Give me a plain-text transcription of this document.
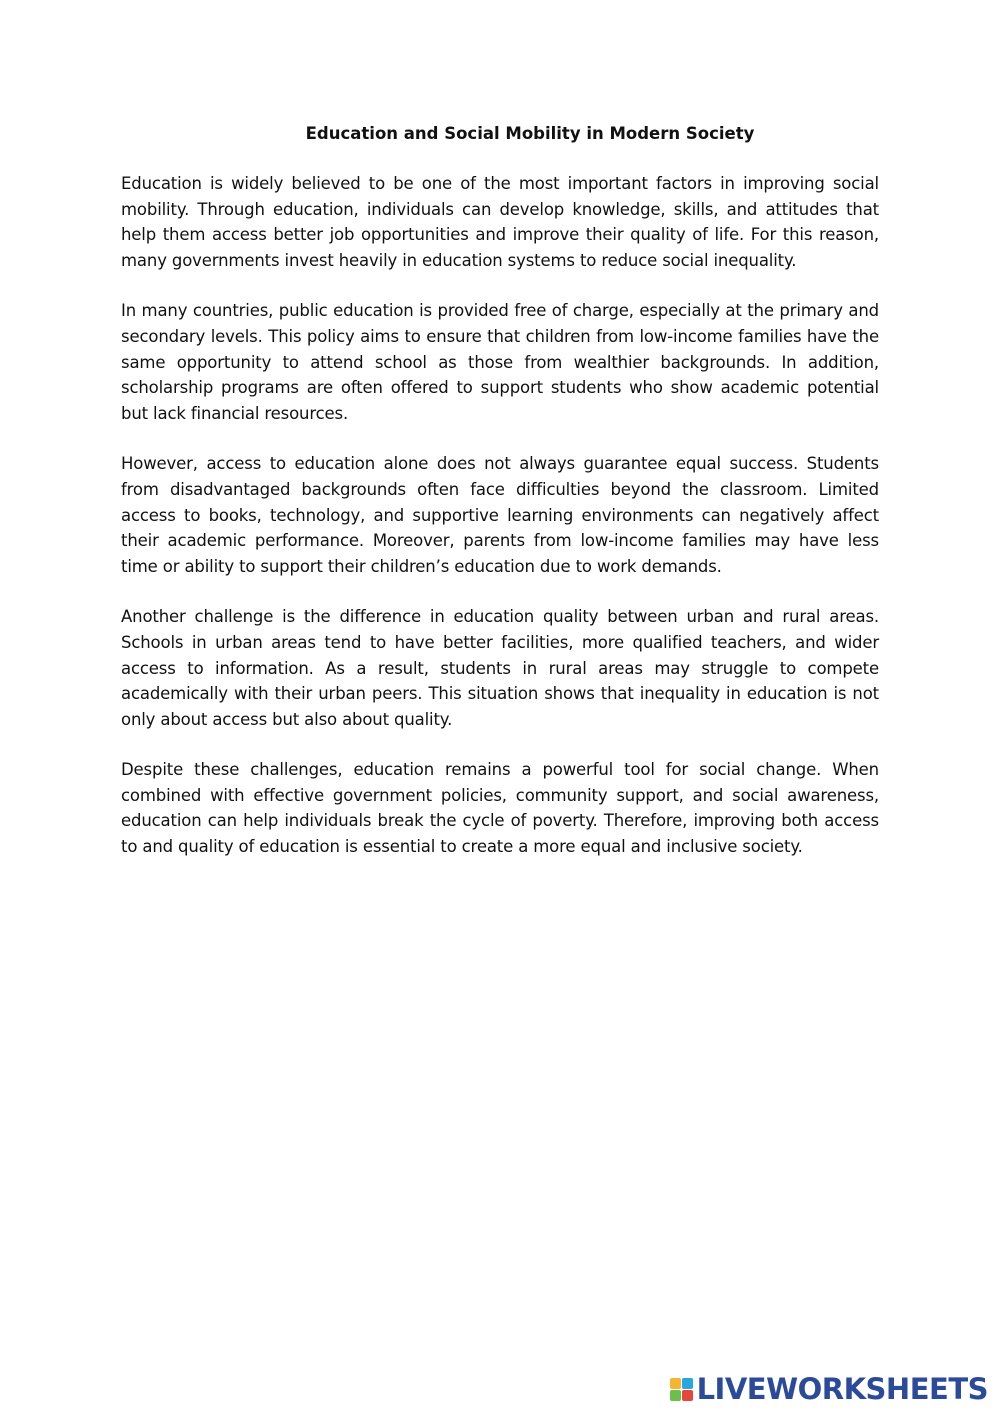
Education and Social Mobility in Modern Society

Education is widely believed to be one of the most important factors in improving social mobility. Through education, individuals can develop knowledge, skills, and attitudes that help them access better job opportunities and improve their quality of life. For this reason, many governments invest heavily in education systems to reduce social inequality.

In many countries, public education is provided free of charge, especially at the primary and secondary levels. This policy aims to ensure that children from low-income families have the same opportunity to attend school as those from wealthier backgrounds. In addition, scholarship programs are often offered to support students who show academic potential but lack financial resources.

However, access to education alone does not always guarantee equal success. Students from disadvantaged backgrounds often face difficulties beyond the classroom. Limited access to books, technology, and supportive learning environments can negatively affect their academic performance. Moreover, parents from low-income families may have less time or ability to support their children’s education due to work demands.

Another challenge is the difference in education quality between urban and rural areas. Schools in urban areas tend to have better facilities, more qualified teachers, and wider access to information. As a result, students in rural areas may struggle to compete academically with their urban peers. This situation shows that inequality in education is not only about access but also about quality.

Despite these challenges, education remains a powerful tool for social change. When combined with effective government policies, community support, and social awareness, education can help individuals break the cycle of poverty. Therefore, improving both access to and quality of education is essential to create a more equal and inclusive society.

LIVEWORKSHEETS
